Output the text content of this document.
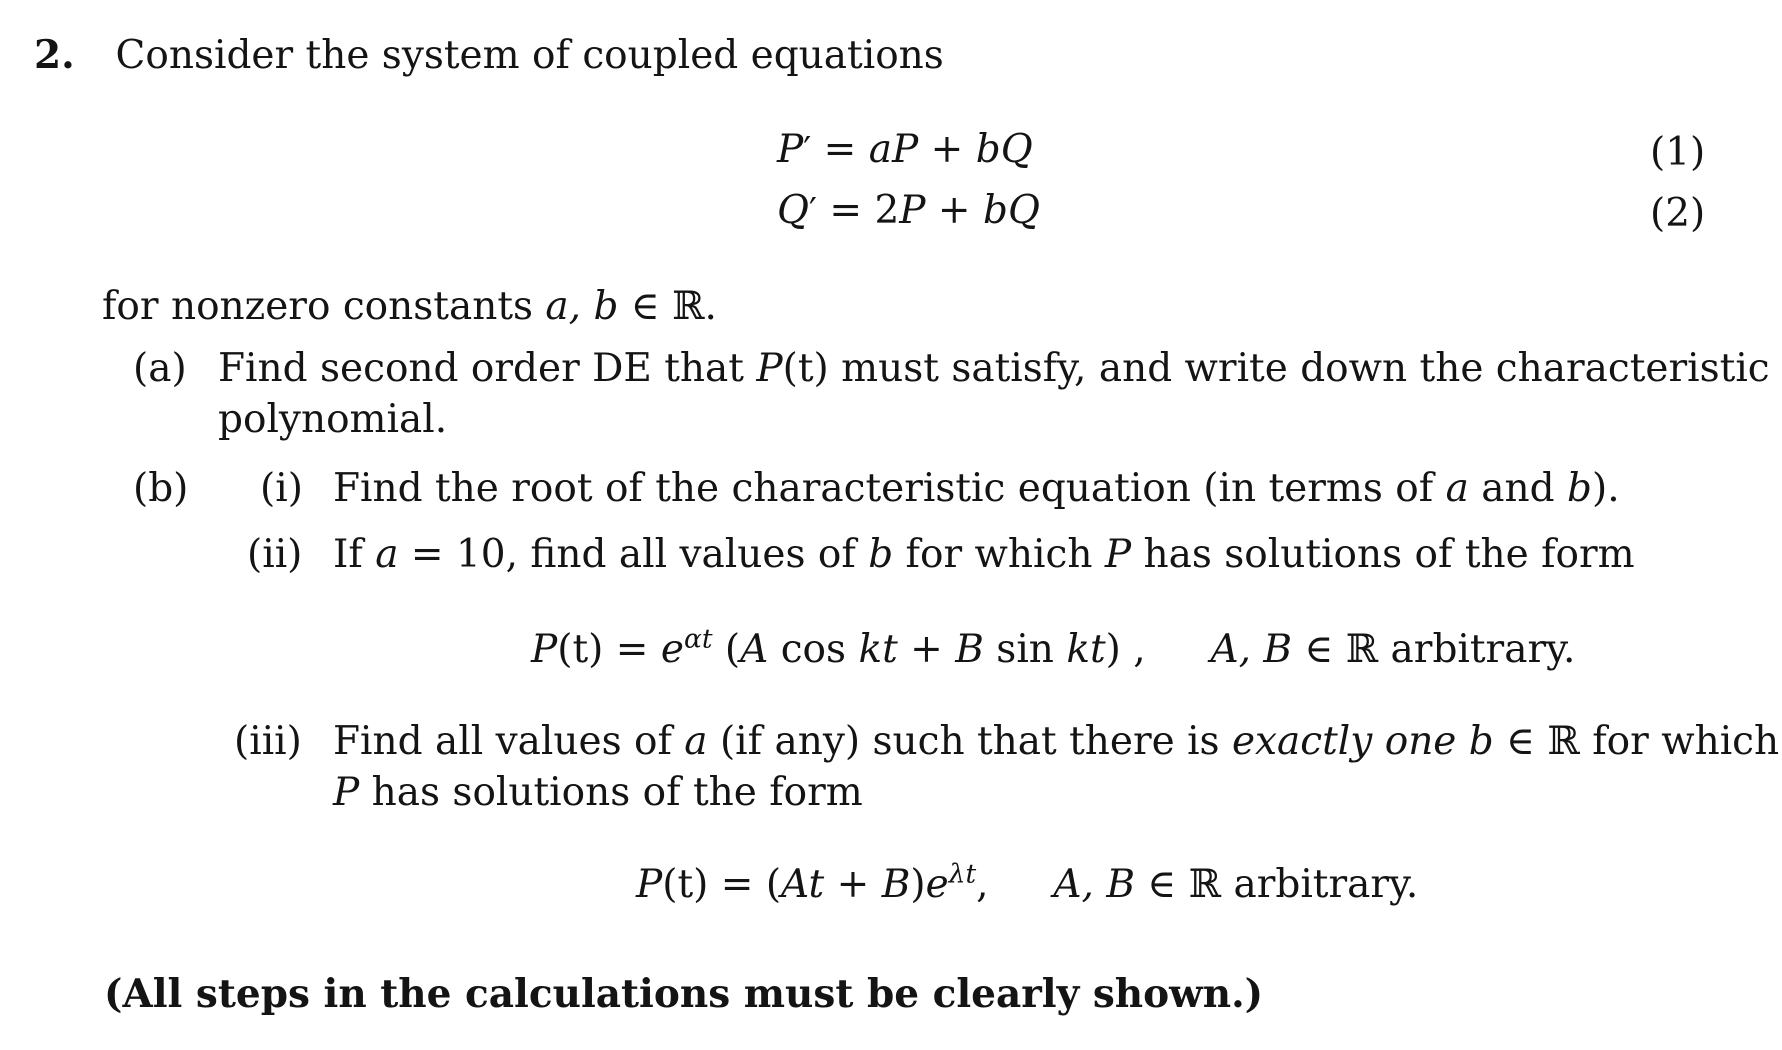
2. Consider the system of coupled equations
P′ = aP + bQ	(1)
Q′ = 2P + bQ	(2)
for nonzero constants a, b ∈ ℝ.
(a) Find second order DE that P(t) must satisfy, and write down the characteristic
polynomial.
(b) (i) Find the root of the characteristic equation (in terms of a and b).
(ii) If a = 10, find all values of b for which P has solutions of the form
$P(t) = e^{\alpha t}$ (A cos kt + B sin kt) , A, B ∈ ℝ arbitrary.
(iii) Find all values of a (if any) such that there is exactly one b ∈ ℝ for which
P has solutions of the form
$P(t) = (At + B)e^{\lambda t}$, A, B ∈ ℝ arbitrary.
(All steps in the calculations must be clearly shown.)
